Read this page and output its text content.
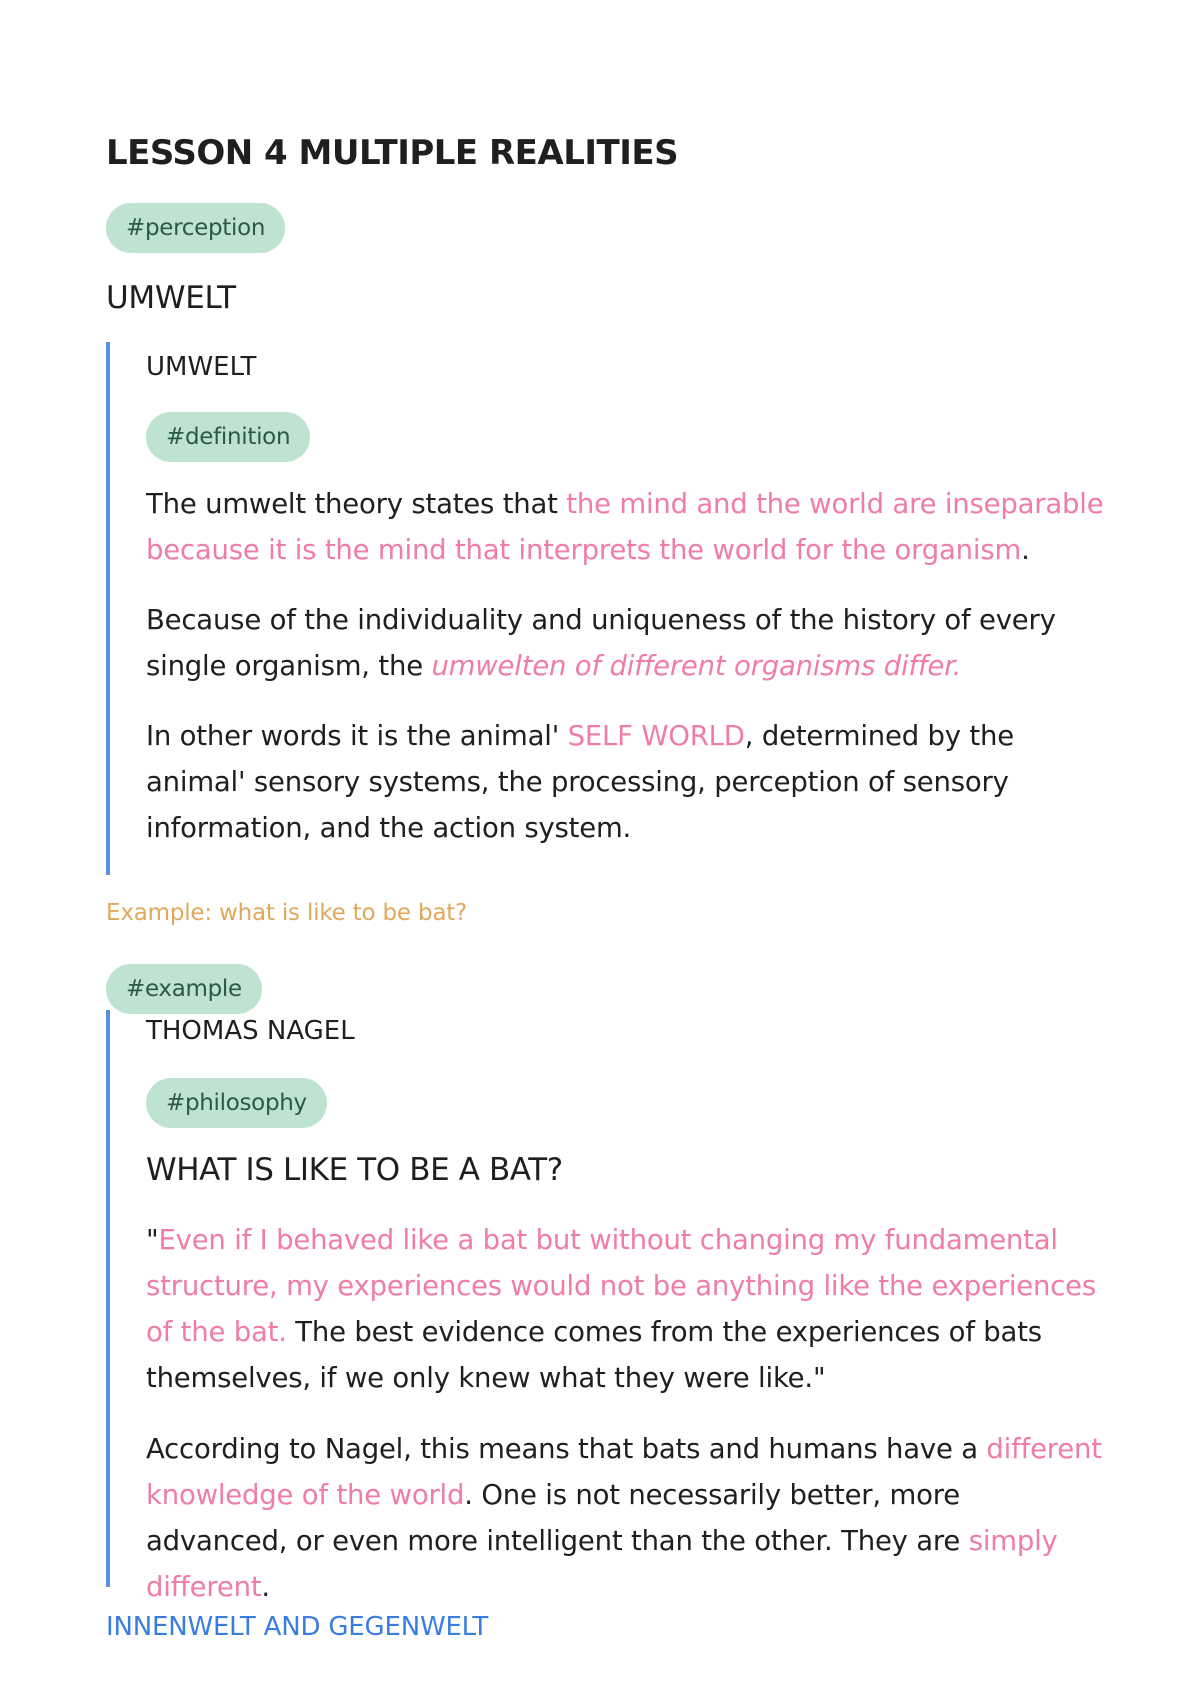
LESSON 4 MULTIPLE REALITIES
#perception
UMWELT
UMWELT
#definition

The umwelt theory states that the mind and the world are inseparable because it is the mind that interprets the world for the organism.

Because of the individuality and uniqueness of the history of every single organism, the umwelten of different organisms differ.

In other words it is the animal' SELF WORLD, determined by the animal' sensory systems, the processing, perception of sensory information, and the action system.

Example: what is like to be bat?
#example
THOMAS NAGEL
#philosophy
WHAT IS LIKE TO BE A BAT?

"Even if I behaved like a bat but without changing my fundamental structure, my experiences would not be anything like the experiences of the bat. The best evidence comes from the experiences of bats themselves, if we only knew what they were like."

According to Nagel, this means that bats and humans have a different knowledge of the world. One is not necessarily better, more advanced, or even more intelligent than the other. They are simply different.

INNENWELT AND GEGENWELT
